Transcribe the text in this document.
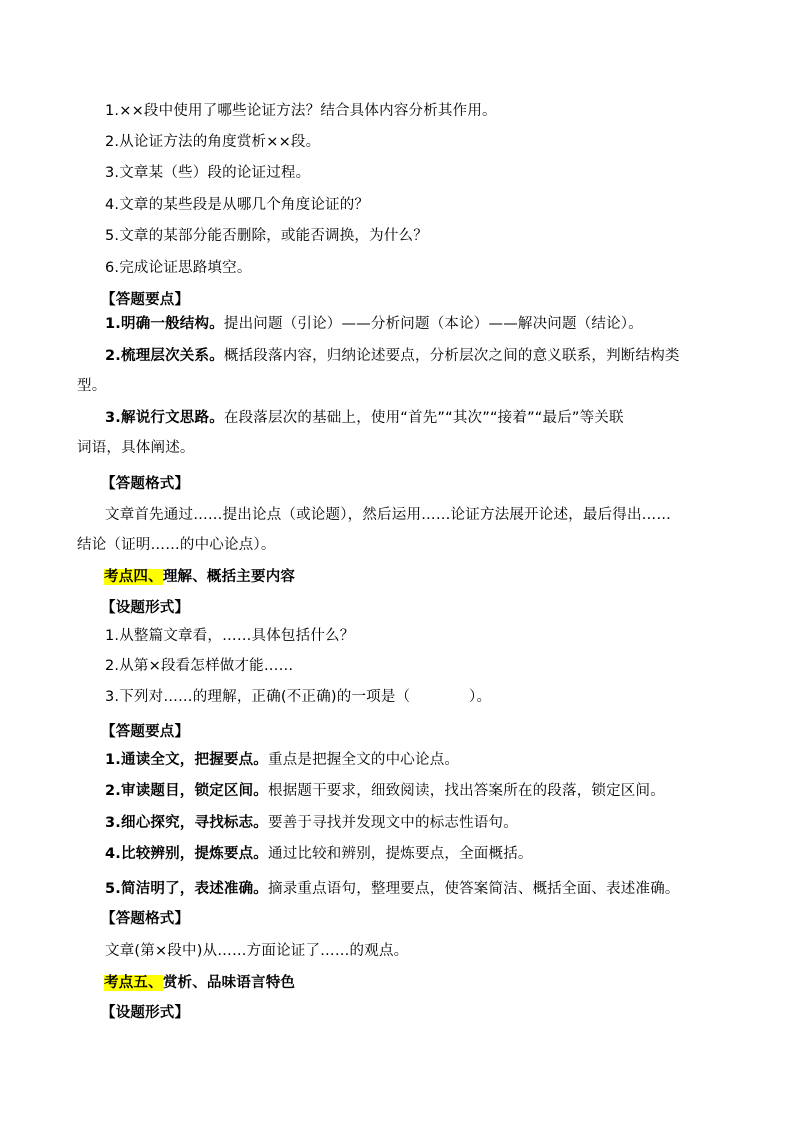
1.××段中使用了哪些论证方法？结合具体内容分析其作用。
2.从论证方法的角度赏析××段。
3.文章某（些）段的论证过程。
4.文章的某些段是从哪几个角度论证的？
5.文章的某部分能否删除，或能否调换，为什么？
6.完成论证思路填空。
【答题要点】
1.明确一般结构。提出问题（引论）——分析问题（本论）——解决问题（结论）。
2.梳理层次关系。概括段落内容，归纳论述要点，分析层次之间的意义联系，判断结构类
型。
3.解说行文思路。在段落层次的基础上，使用“首先”“其次”“接着”“最后”等关联
词语，具体阐述。
【答题格式】
文章首先通过……提出论点（或论题），然后运用……论证方法展开论述，最后得出……
结论（证明……的中心论点）。
考点四、理解、概括主要内容
【设题形式】
1.从整篇文章看，……具体包括什么？
2.从第×段看怎样做才能……
3.下列对……的理解，正确(不正确)的一项是（　　　　）。
【答题要点】
1.通读全文，把握要点。重点是把握全文的中心论点。
2.审读题目，锁定区间。根据题干要求，细致阅读，找出答案所在的段落，锁定区间。
3.细心探究，寻找标志。要善于寻找并发现文中的标志性语句。
4.比较辨别，提炼要点。通过比较和辨别，提炼要点，全面概括。
5.简洁明了，表述准确。摘录重点语句，整理要点，使答案简洁、概括全面、表述准确。
【答题格式】
文章(第×段中)从……方面论证了……的观点。
考点五、赏析、品味语言特色
【设题形式】
